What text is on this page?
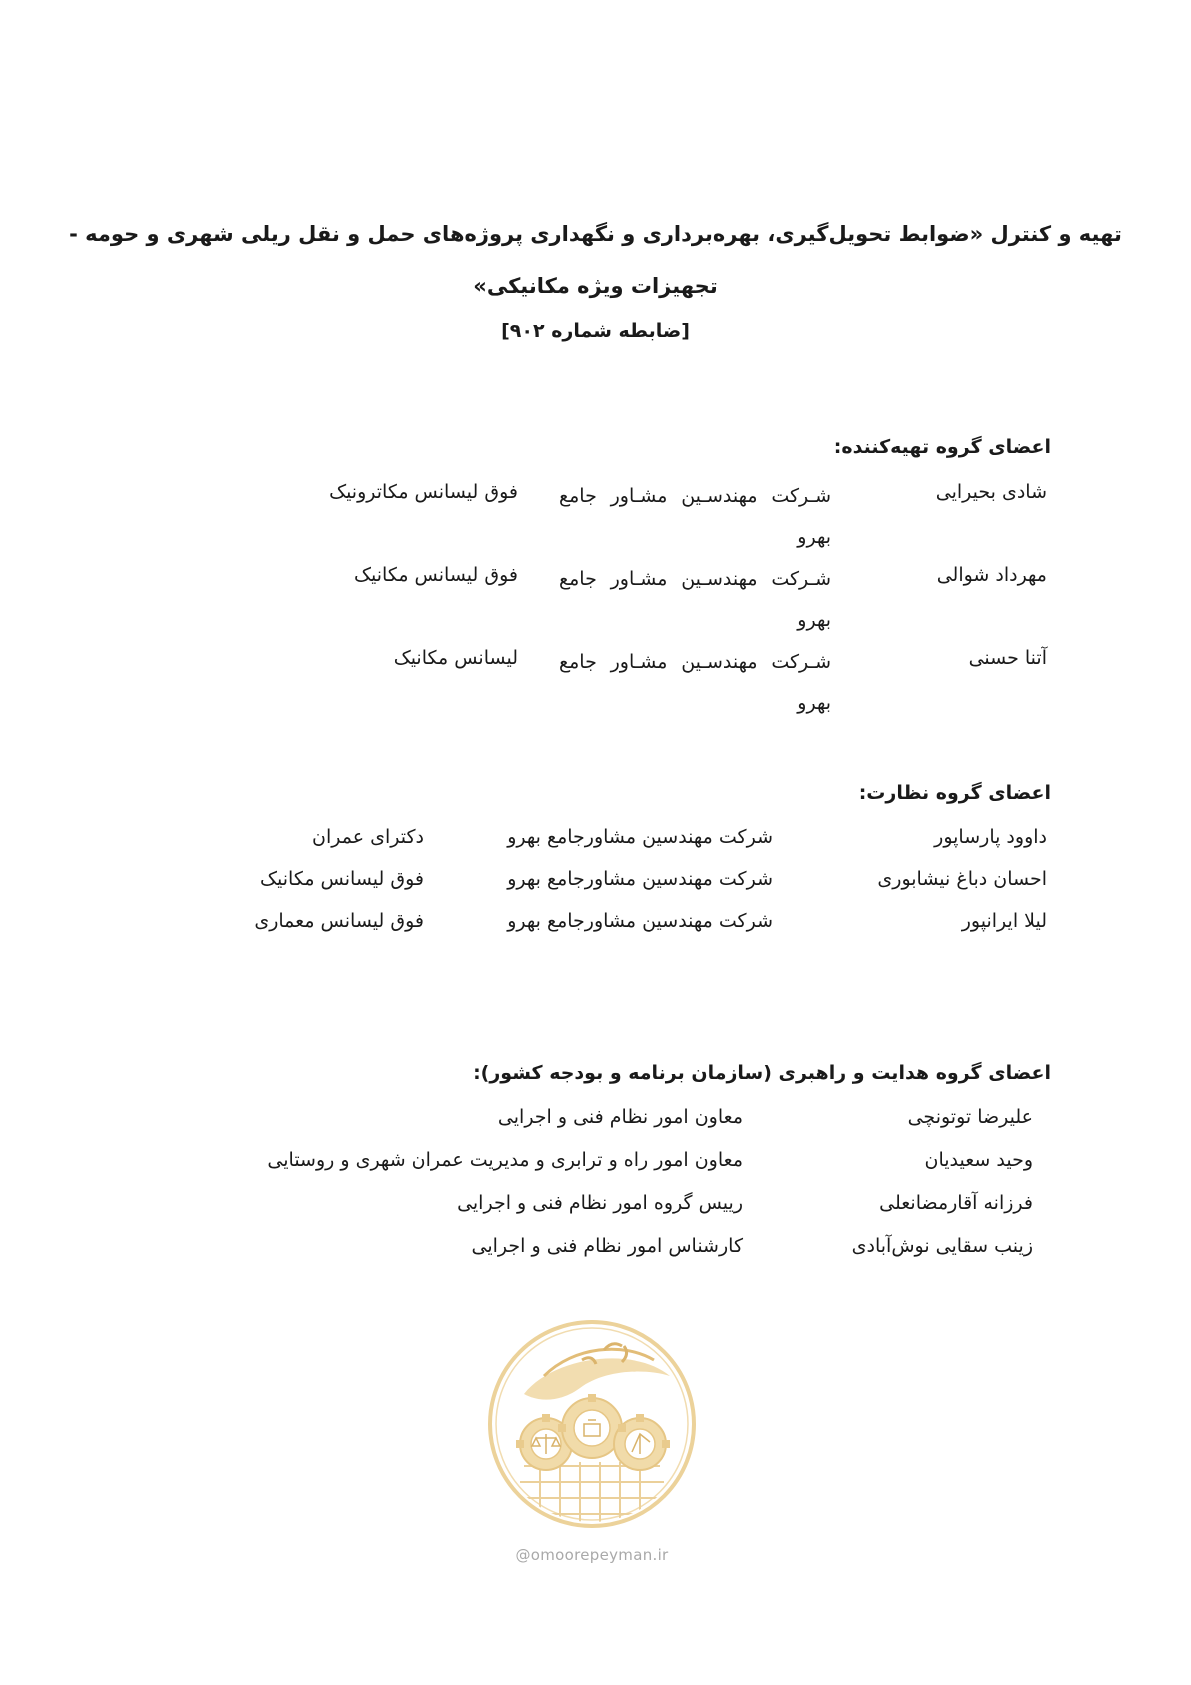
تهیه و کنترل «ضوابط تحویل‌گیری، بهره‌برداری و نگهداری پروژه‌های حمل و نقل ریلی شهری و حومه -
تجهیزات ویژه مکانیکی»
[ضابطه شماره ۹۰۲]
اعضای گروه تهیه‌کننده:
شادی بحیرایی
شـرکت مهندسـین مشـاور جامع بهرو
فوق لیسانس مکاترونیک
مهرداد شوالی
شـرکت مهندسـین مشـاور جامع بهرو
فوق لیسانس مکانیک
آتنا حسنی
شـرکت مهندسـین مشـاور جامع بهرو
لیسانس مکانیک
اعضای گروه نظارت:
داوود پارساپور
شرکت مهندسین مشاورجامع بهرو
دکترای عمران
احسان دباغ نیشابوری
شرکت مهندسین مشاورجامع بهرو
فوق لیسانس مکانیک
لیلا ایرانپور
شرکت مهندسین مشاورجامع بهرو
فوق لیسانس معماری
اعضای گروه هدایت و راهبری (سازمان برنامه و بودجه کشور):
علیرضا توتونچی
معاون امور نظام فنی و اجرایی
وحید سعیدیان
معاون امور راه و ترابری و مدیریت عمران شهری و روستایی
فرزانه آقارمضانعلی
رییس گروه امور نظام فنی و اجرایی
زینب سقایی نوش‌آبادی
کارشناس امور نظام فنی و اجرایی
@omoorepeyman.ir
